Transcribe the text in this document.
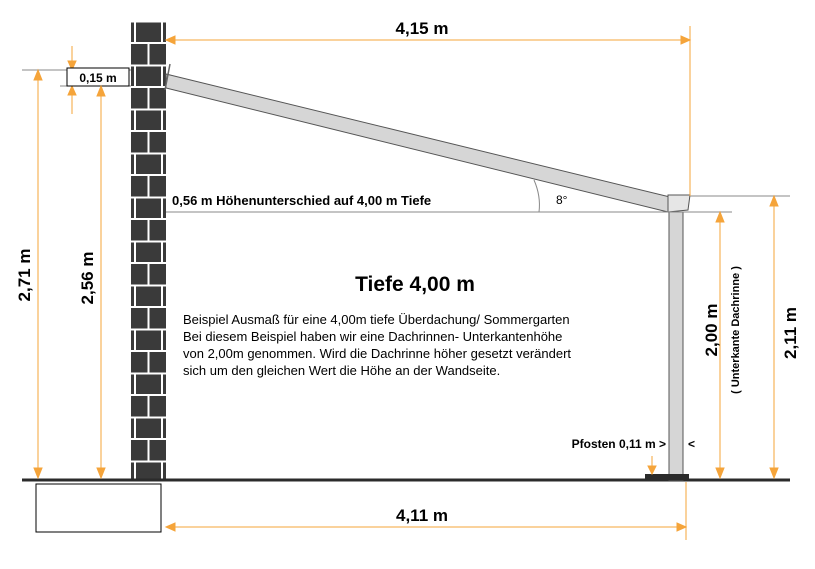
8°
4,15 m
4,11 m
0,15 m
2,71 m	2,56 m
2,00 m ( Unterkante Dachrinne ) 2,11 m
Pfosten 0,11 m > <
0,56 m Höhenunterschied auf 4,00 m Tiefe
Tiefe 4,00 m
Beispiel Ausmaß für eine 4,00m tiefe Überdachung/ Sommergarten
Bei diesem Beispiel haben wir eine Dachrinnen- Unterkantenhöhe
von 2,00m genommen. Wird die Dachrinne höher gesetzt verändert
sich um den gleichen Wert die Höhe an der Wandseite.
